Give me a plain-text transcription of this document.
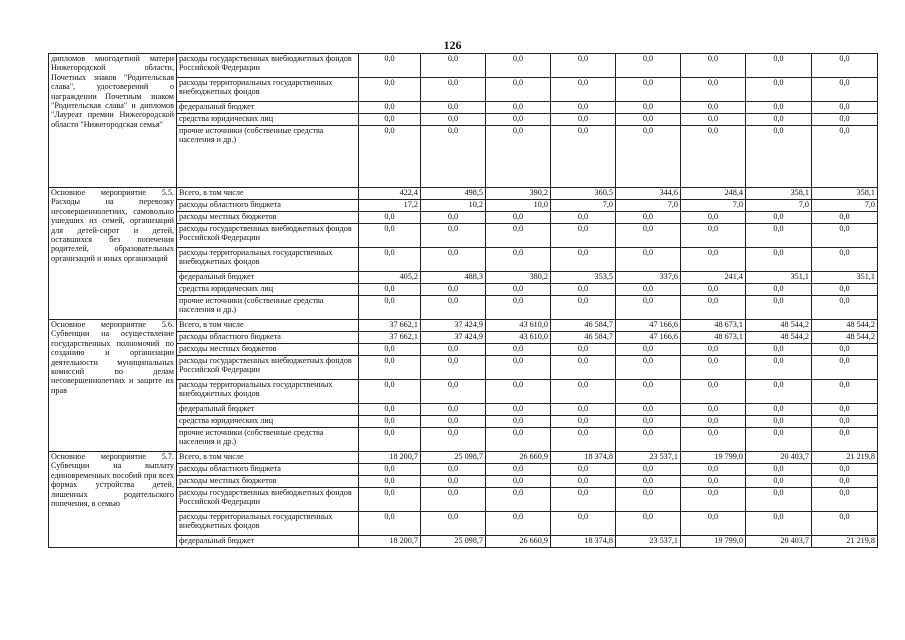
126
дипломов многодетной матери Нижегородской области, Почетных знаков "Родительская слава", удостоверений о награждении Почетным знаком "Родительская слава" и дипломов "Лауреат премии Нижегородской области "Нижегородская семья"	расходы государственных внебюджетных фондов Российской Федерации	0,0	0,0	0,0	0,0	0,0	0,0	0,0	0,0
	расходы территориальных государственных внебюджетных фондов	0,0	0,0	0,0	0,0	0,0	0,0	0,0	0,0
	федеральный бюджет	0,0	0,0	0,0	0,0	0,0	0,0	0,0	0,0
	средства юридических лиц	0,0	0,0	0,0	0,0	0,0	0,0	0,0	0,0
	прочие источники (собственные средства населения и др.)	0,0	0,0	0,0	0,0	0,0	0,0	0,0	0,0
Основное мероприятие 5.5. Расходы на перевозку несовершеннолетних, самовольно ушедших из семей, организаций для детей-сирот и детей, оставшихся без попечения родителей, образовательных организаций и иных организаций	Всего, в том числе	422,4	498,5	390,2	360,5	344,6	248,4	358,1	358,1
	расходы областного бюджета	17,2	10,2	10,0	7,0	7,0	7,0	7,0	7,0
	расходы местных бюджетов	0,0	0,0	0,0	0,0	0,0	0,0	0,0	0,0
	расходы государственных внебюджетных фондов Российской Федерации	0,0	0,0	0,0	0,0	0,0	0,0	0,0	0,0
	расходы территориальных государственных внебюджетных фондов	0,0	0,0	0,0	0,0	0,0	0,0	0,0	0,0
	федеральный бюджет	405,2	488,3	380,2	353,5	337,6	241,4	351,1	351,1
	средства юридических лиц	0,0	0,0	0,0	0,0	0,0	0,0	0,0	0,0
	прочие источники (собственные средства населения и др.)	0,0	0,0	0,0	0,0	0,0	0,0	0,0	0,0
Основное мероприятие 5.6. Субвенции на осуществление государственных полномочий по созданию и организации деятельности муниципальных комиссий по делам несовершеннолетних и защите их прав	Всего, в том числе	37 662,1	37 424,9	43 610,0	46 584,7	47 166,6	48 673,1	48 544,2	48 544,2
	расходы областного бюджета	37 662,1	37 424,9	43 610,0	46 584,7	47 166,6	48 673,1	48 544,2	48 544,2
	расходы местных бюджетов	0,0	0,0	0,0	0,0	0,0	0,0	0,0	0,0
	расходы государственных внебюджетных фондов Российской Федерации	0,0	0,0	0,0	0,0	0,0	0,0	0,0	0,0
	расходы территориальных государственных внебюджетных фондов	0,0	0,0	0,0	0,0	0,0	0,0	0,0	0,0
	федеральный бюджет	0,0	0,0	0,0	0,0	0,0	0,0	0,0	0,0
	средства юридических лиц	0,0	0,0	0,0	0,0	0,0	0,0	0,0	0,0
	прочие источники (собственные средства населения и др.)	0,0	0,0	0,0	0,0	0,0	0,0	0,0	0,0
Основное мероприятие 5.7. Субвенции на выплату единовременных пособий при всех формах устройства детей, лишенных родительского попечения, в семью	Всего, в том числе	18 200,7	25 098,7	26 660,9	18 374,8	23 537,1	19 799,0	20 403,7	21 219,8
	расходы областного бюджета	0,0	0,0	0,0	0,0	0,0	0,0	0,0	0,0
	расходы местных бюджетов	0,0	0,0	0,0	0,0	0,0	0,0	0,0	0,0
	расходы государственных внебюджетных фондов Российской Федерации	0,0	0,0	0,0	0,0	0,0	0,0	0,0	0,0
	расходы территориальных государственных внебюджетных фондов	0,0	0,0	0,0	0,0	0,0	0,0	0,0	0,0
	федеральный бюджет	18 200,7	25 098,7	26 660,9	18 374,8	23 537,1	19 799,0	20 403,7	21 219,8
